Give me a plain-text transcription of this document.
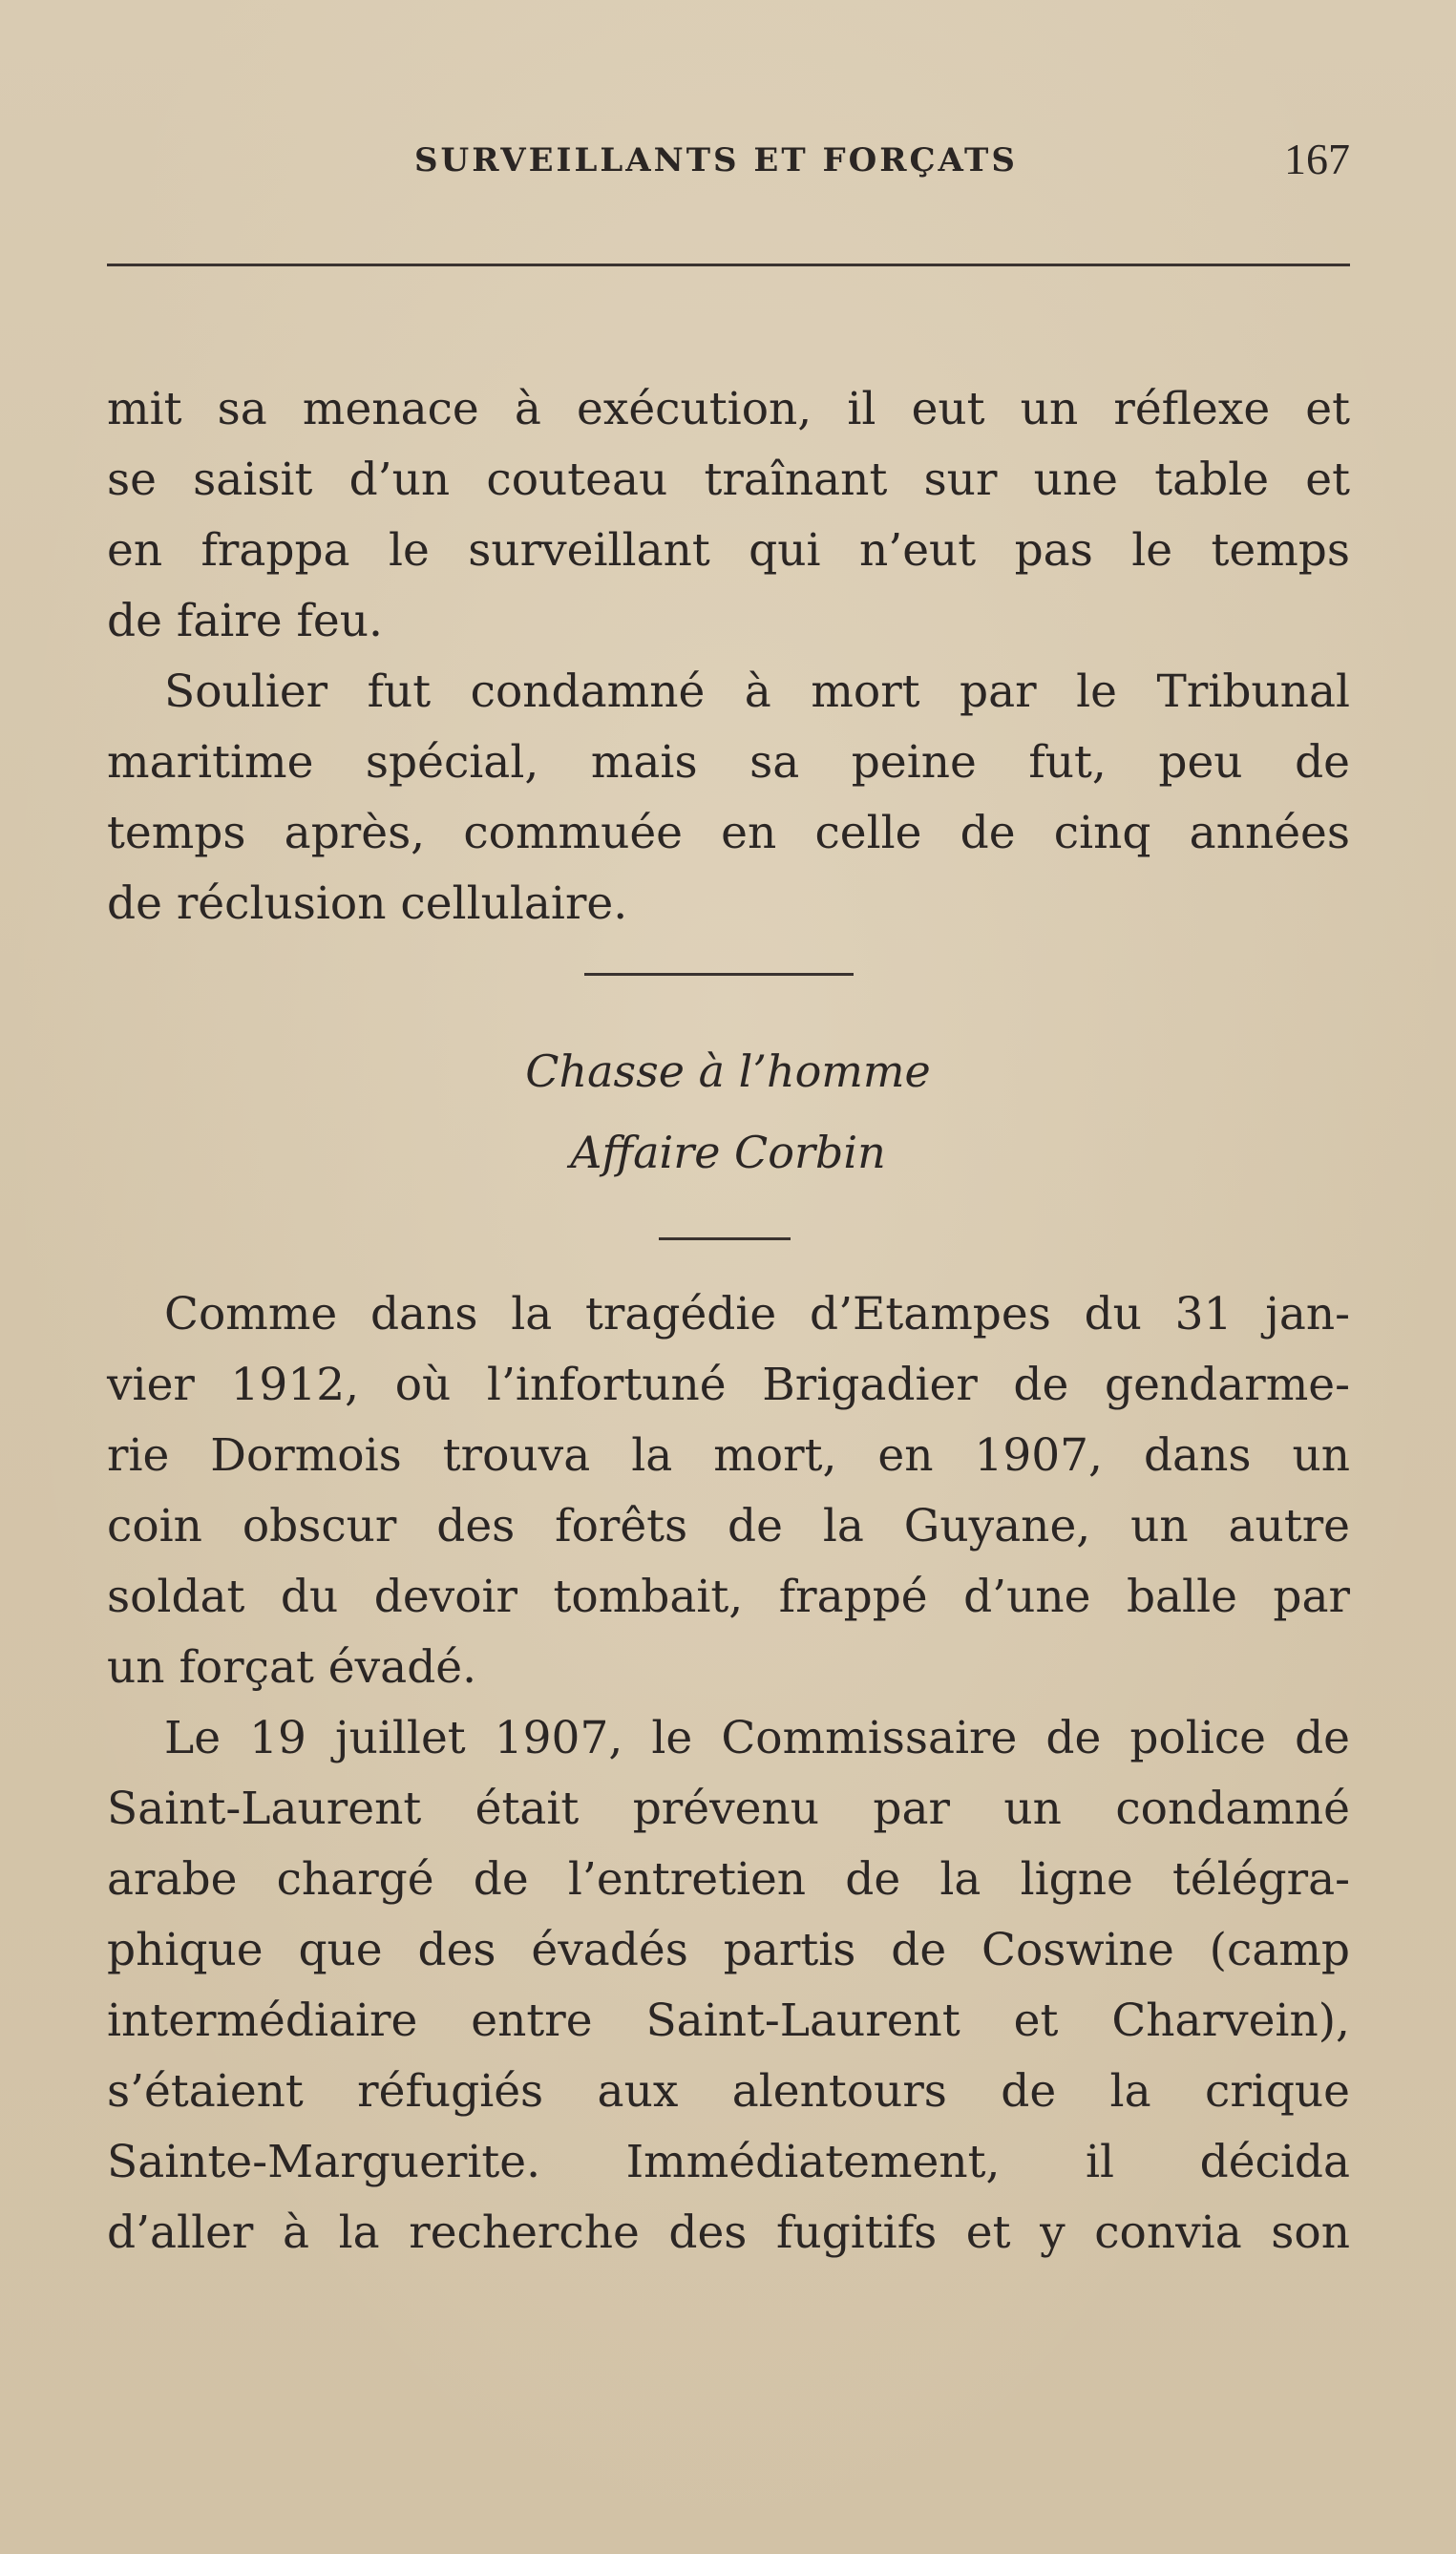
SURVEILLANTS ET FORÇATS	167
mit sa menace à exécution, il eut un réflexe et
se saisit d’un couteau traînant sur une table et
en frappa le surveillant qui n’eut pas le temps
de faire feu.
Soulier fut condamné à mort par le Tribunal
maritime spécial, mais sa peine fut, peu de
temps après, commuée en celle de cinq années
de réclusion cellulaire.
Chasse à l’homme
Affaire Corbin
Comme dans la tragédie d’Etampes du 31 jan-
vier 1912, où l’infortuné Brigadier de gendarme-
rie Dormois trouva la mort, en 1907, dans un
coin obscur des forêts de la Guyane, un autre
soldat du devoir tombait, frappé d’une balle par
un forçat évadé.
Le 19 juillet 1907, le Commissaire de police de
Saint-Laurent était prévenu par un condamné
arabe chargé de l’entretien de la ligne télégra-
phique que des évadés partis de Coswine (camp
intermédiaire entre Saint-Laurent et Charvein),
s’étaient réfugiés aux alentours de la crique
Sainte-Marguerite. Immédiatement, il décida
d’aller à la recherche des fugitifs et y convia son
